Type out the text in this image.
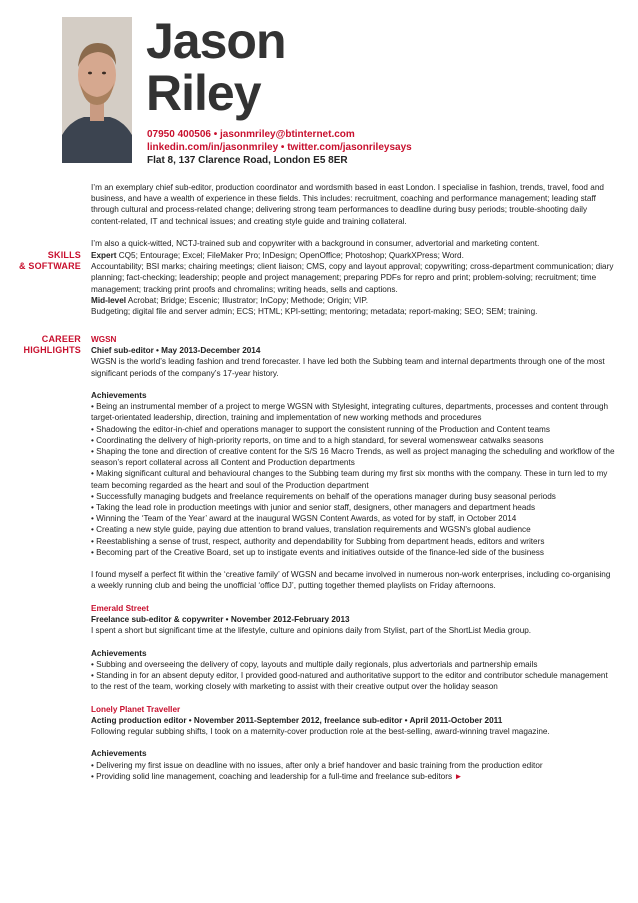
Jason
Riley
07950 400506 • jasonmriley@btinternet.com
linkedin.com/in/jasonmriley • twitter.com/jasonrileysays
Flat 8, 137 Clarence Road, London E5 8ER

I’m an exemplary chief sub-editor, production coordinator and wordsmith based in east London. I specialise in fashion, trends, travel, food and business, and have a wealth of experience in these fields. This includes: recruitment, coaching and performance management; leading staff through cultural and process-related change; delivering strong team performances to deadline during busy periods; trouble-shooting daily content-related, IT and technical issues; and creating style guide and training collateral.

I’m also a quick-witted, NCTJ-trained sub and copywriter with a background in consumer, advertorial and marketing content.

SKILLS
& SOFTWARE

Expert CQ5; Entourage; Excel; FileMaker Pro; InDesign; OpenOffice; Photoshop; QuarkXPress; Word.

Accountability; BSI marks; chairing meetings; client liaison; CMS, copy and layout approval; copywriting; cross-department communication; diary planning; fact-checking; leadership; people and project management; preparing PDFs for repro and print; problem-solving; recruitment; time management; tracking print proofs and chromalins; writing heads, sells and captions.

Mid-level Acrobat; Bridge; Escenic; Illustrator; InCopy; Methode; Origin; VIP.

Budgeting; digital file and server admin; ECS; HTML; KPI-setting; mentoring; metadata; report-making; SEO; SEM; training.

CAREER
HIGHLIGHTS

WGSN

Chief sub-editor • May 2013-December 2014

WGSN is the world’s leading fashion and trend forecaster. I have led both the Subbing team and internal departments through one of the most significant periods of the company’s 17-year history.

Achievements

• Being an instrumental member of a project to merge WGSN with Stylesight, integrating cultures, departments, processes and content through target-orientated leadership, direction, training and implementation of new working methods and procedures

• Shadowing the editor-in-chief and operations manager to support the consistent running of the Production and Content teams

• Coordinating the delivery of high-priority reports, on time and to a high standard, for several womenswear catwalks seasons

• Shaping the tone and direction of creative content for the S/S 16 Macro Trends, as well as project managing the scheduling and workflow of the season’s report collateral across all Content and Production departments

• Making significant cultural and behavioural changes to the Subbing team during my first six months with the company. These in turn led to my team becoming regarded as the heart and soul of the Production department

• Successfully managing budgets and freelance requirements on behalf of the operations manager during busy seasonal periods

• Taking the lead role in production meetings with junior and senior staff, designers, other managers and department heads

• Winning the ‘Team of the Year’ award at the inaugural WGSN Content Awards, as voted for by staff, in October 2014

• Creating a new style guide, paying due attention to brand values, translation requirements and WGSN’s global audience

• Reestablishing a sense of trust, respect, authority and dependability for Subbing from department heads, editors and writers

• Becoming part of the Creative Board, set up to instigate events and initiatives outside of the finance-led side of the business

I found myself a perfect fit within the ‘creative family’ of WGSN and became involved in numerous non-work enterprises, including co-organising a weekly running club and being the unofficial ‘office DJ’, putting together themed playlists on Friday afternoons.

Emerald Street

Freelance sub-editor & copywriter • November 2012-February 2013

I spent a short but significant time at the lifestyle, culture and opinions daily from Stylist, part of the ShortList Media group.

Achievements

• Subbing and overseeing the delivery of copy, layouts and multiple daily regionals, plus advertorials and partnership emails

• Standing in for an absent deputy editor, I provided good-natured and authoritative support to the editor and contributor schedule management to the rest of the team, working closely with marketing to assist with their creative output over the holiday season

Lonely Planet Traveller

Acting production editor • November 2011-September 2012, freelance sub-editor • April 2011-October 2011

Following regular subbing shifts, I took on a maternity-cover production role at the best-selling, award-winning travel magazine.

Achievements

• Delivering my first issue on deadline with no issues, after only a brief handover and basic training from the production editor

• Providing solid line management, coaching and leadership for a full-time and freelance sub-editors ►
